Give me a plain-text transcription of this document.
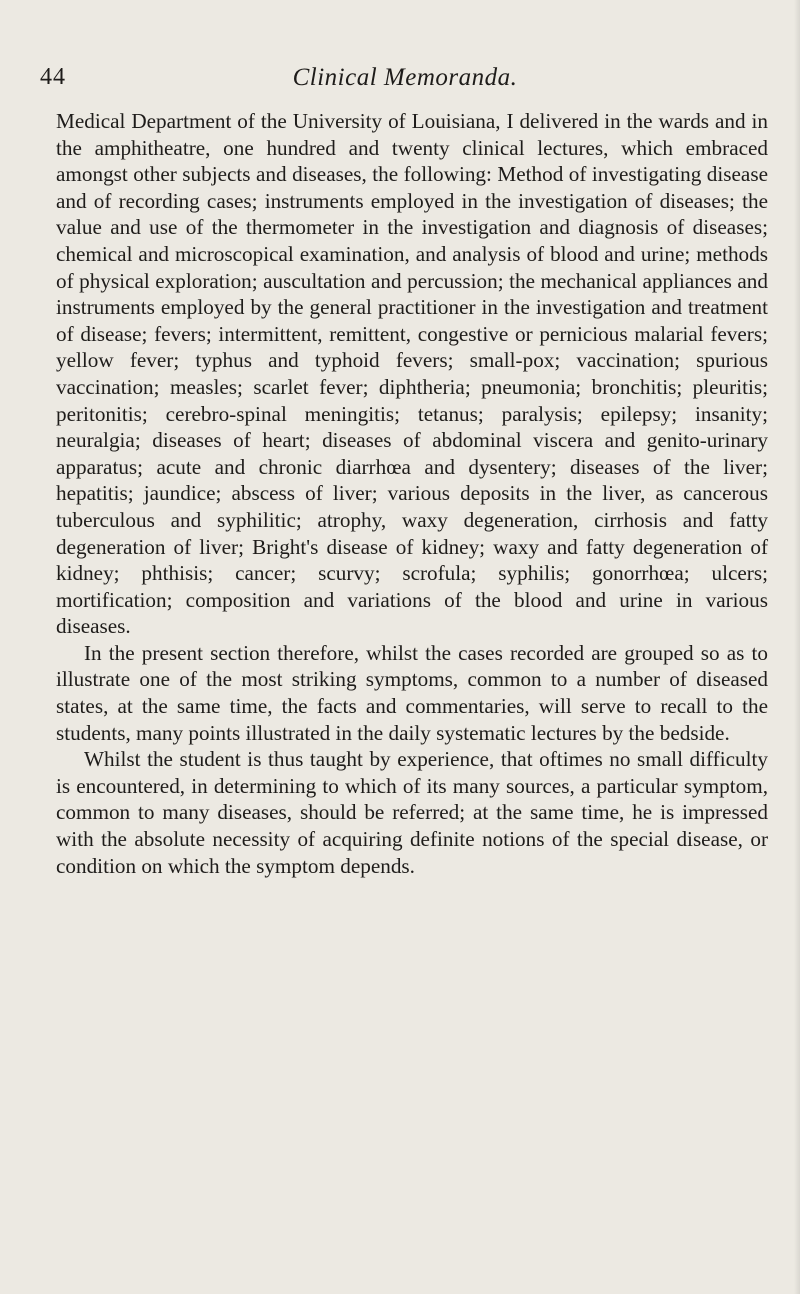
44	Clinical Memoranda.

Medical Department of the University of Louisiana, I delivered in the wards and in the amphitheatre, one hundred and twenty clinical lectures, which embraced amongst other subjects and diseases, the following: Method of investigating disease and of recording cases; instruments employed in the investigation of diseases; the value and use of the thermometer in the investigation and diagnosis of diseases; chemical and microscopical examination, and analysis of blood and urine; methods of physical exploration; auscultation and percussion; the mechanical appliances and instruments employed by the general practitioner in the investigation and treatment of disease; fevers; intermittent, remittent, congestive or pernicious malarial fevers; yellow fever; typhus and typhoid fevers; small-pox; vaccination; spurious vaccination; measles; scarlet fever; diphtheria; pneumonia; bronchitis; pleuritis; peritonitis; cerebro-spinal meningitis; tetanus; paralysis; epilepsy; insanity; neuralgia; diseases of heart; diseases of abdominal viscera and genito-urinary apparatus; acute and chronic diarrhœa and dysentery; diseases of the liver; hepatitis; jaundice; abscess of liver; various deposits in the liver, as cancerous tuberculous and syphilitic; atrophy, waxy degeneration, cirrhosis and fatty degeneration of liver; Bright's disease of kidney; waxy and fatty degeneration of kidney; phthisis; cancer; scurvy; scrofula; syphilis; gonorrhœa; ulcers; mortification; composition and variations of the blood and urine in various diseases.

In the present section therefore, whilst the cases recorded are grouped so as to illustrate one of the most striking symptoms, common to a number of diseased states, at the same time, the facts and commentaries, will serve to recall to the students, many points illustrated in the daily systematic lectures by the bedside.

Whilst the student is thus taught by experience, that oftimes no small difficulty is encountered, in determining to which of its many sources, a particular symptom, common to many diseases, should be referred; at the same time, he is impressed with the absolute necessity of acquiring definite notions of the special disease, or condition on which the symptom depends.
